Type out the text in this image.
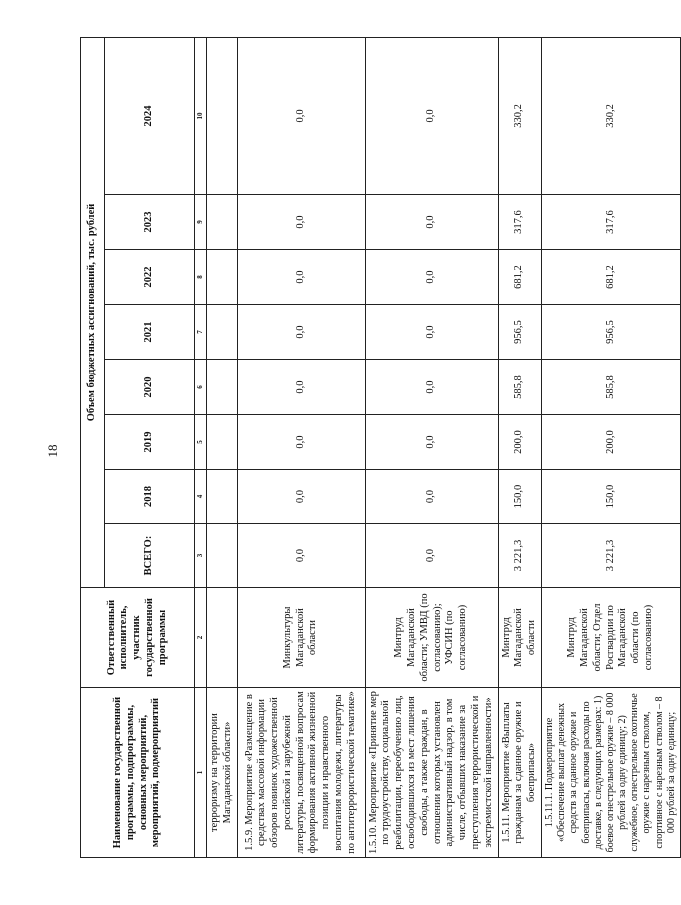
18
Наименование государственной программы, подпрограммы, основных мероприятий, мероприятий, подмероприятий	Ответственный исполнитель, участник государственной программы	Объем бюджетных ассигнований, тыс. рублей							
		ВСЕГО:	2018	2019	2020	2021	2022	2023	2024
1	2	3	4	5	6	7	8	9	10
терроризму на территории Магаданской области»									
1.5.9. Мероприятие «Размещение в средствах массовой информации обзоров новинок художественной российской и зарубежной литературы, посвященной вопросам формирования активной жизненной позиции и нравственного воспитания молодежи, литературы по антитеррористической тематике»	Минкультуры Магаданской области	0,0	0,0	0,0	0,0	0,0	0,0	0,0	0,0
1.5.10. Мероприятие «Принятие мер по трудоустройству, социальной реабилитации, переобучению лиц, освободившихся из мест лишения свободы, а также граждан, в отношении которых установлен административный надзор, в том числе, отбывших наказание за преступления террористической и экстремистской направленности»	Минтруд Магаданской области; УМВД (по согласованию); УФСИН (по согласованию)	0,0	0,0	0,0	0,0	0,0	0,0	0,0	0,0
1.5.11. Мероприятие «Выплаты гражданам за сданное оружие и боеприпасы»	Минтруд Магаданской области	3 221,3	150,0	200,0	585,8	956,5	681,2	317,6	330,2
1.5.11.1. Подмероприятие «Обеспечение выплат денежных средств за сданное оружие и боеприпасы, включая расходы по доставке, в следующих размерах: 1) боевое огнестрельное оружие – 8 000 рублей за одну единицу; 2) служебное, огнестрельное охотничье оружие с нарезным стволом, спортивное с нарезным стволом – 8 000 рублей за одну единицу;	Минтруд Магаданской области; Отдел Росгвардии по Магаданской области (по согласованию)	3 221,3	150,0	200,0	585,8	956,5	681,2	317,6	330,2
